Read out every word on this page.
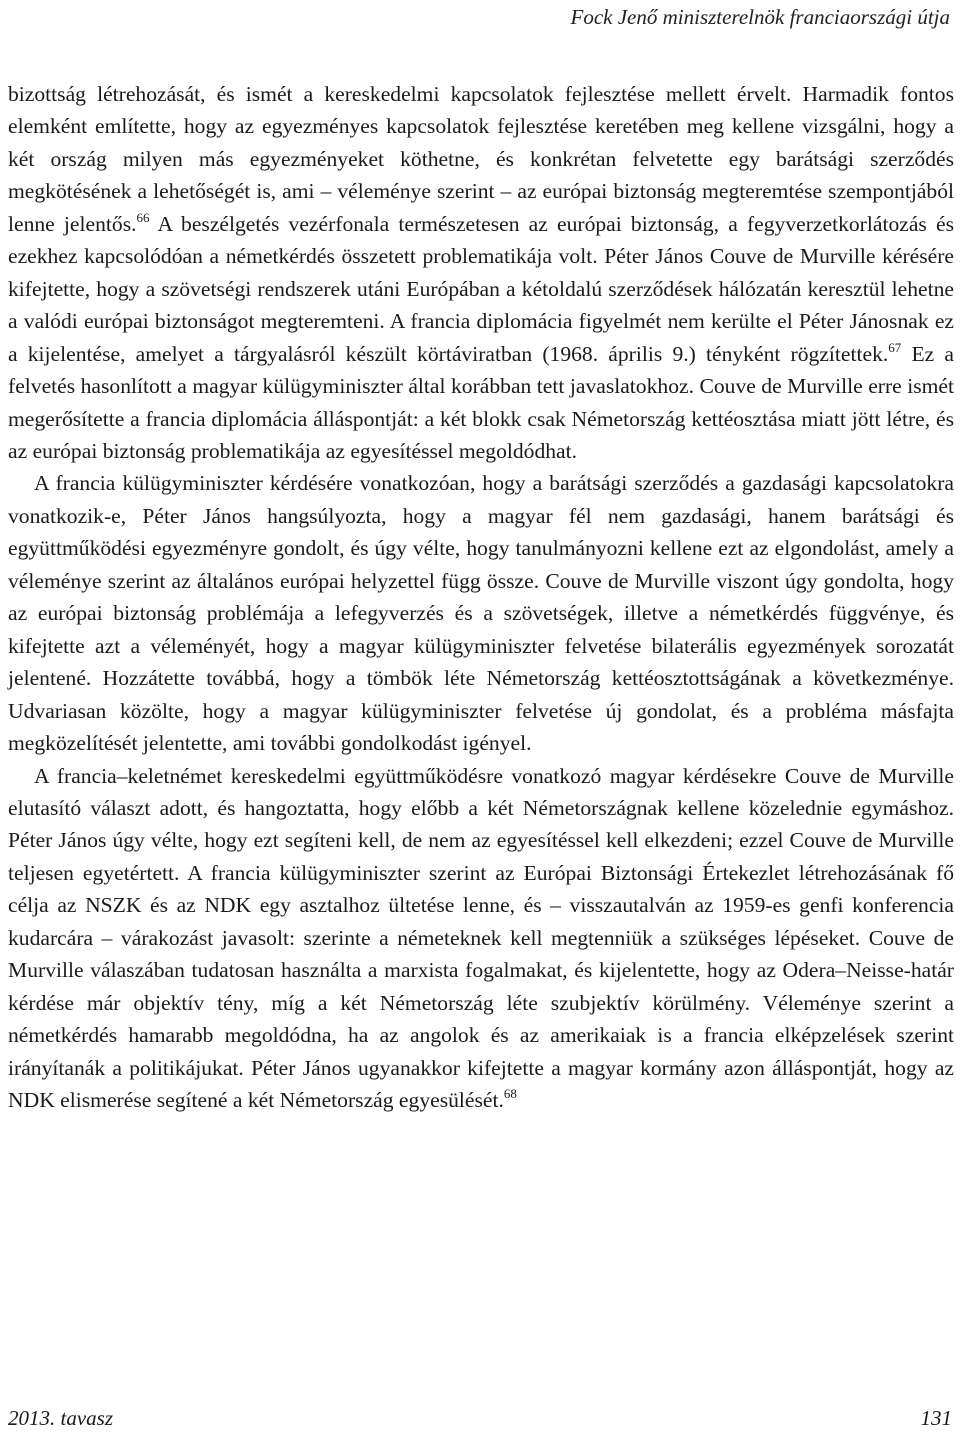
Fock Jenő miniszterelnök franciaországi útja

bizottság létrehozását, és ismét a kereskedelmi kapcsolatok fejlesztése mellett érvelt. Harmadik fontos elemként említette, hogy az egyezményes kapcsolatok fejlesztése keretében meg kellene vizsgálni, hogy a két ország milyen más egyezményeket köthetne, és konkrétan felvetette egy barátsági szerződés megkötésének a lehetőségét is, ami – véleménye szerint – az európai biztonság megteremtése szempontjából lenne jelentős.$^{66}$ A beszélgetés vezérfonala természetesen az európai biztonság, a fegyverzetkorlátozás és ezekhez kapcsolódóan a németkérdés összetett problematikája volt. Péter János Couve de Murville kérésére kifejtette, hogy a szövetségi rendszerek utáni Európában a kétoldalú szerződések hálózatán keresztül lehetne a valódi európai biztonságot megteremteni. A francia diplomácia figyelmét nem kerülte el Péter Jánosnak ez a kijelentése, amelyet a tárgyalásról készült körtáviratban (1968. április 9.) tényként rögzítettek.$^{67}$ Ez a felvetés hasonlított a magyar külügyminiszter által korábban tett javaslatokhoz. Couve de Murville erre ismét megerősítette a francia diplomácia álláspontját: a két blokk csak Németország kettéosztása miatt jött létre, és az európai biztonság problematikája az egyesítéssel megoldódhat.

A francia külügyminiszter kérdésére vonatkozóan, hogy a barátsági szerződés a gazdasági kapcsolatokra vonatkozik-e, Péter János hangsúlyozta, hogy a magyar fél nem gazdasági, hanem barátsági és együttműködési egyezményre gondolt, és úgy vélte, hogy tanulmányozni kellene ezt az elgondolást, amely a véleménye szerint az általános európai helyzettel függ össze. Couve de Murville viszont úgy gondolta, hogy az európai biztonság problémája a lefegyverzés és a szövetségek, illetve a németkérdés függvénye, és kifejtette azt a véleményét, hogy a magyar külügyminiszter felvetése bilaterális egyezmények sorozatát jelentené. Hozzátette továbbá, hogy a tömbök léte Németország kettéosztottságának a következménye. Udvariasan közölte, hogy a magyar külügyminiszter felvetése új gondolat, és a probléma másfajta megközelítését jelentette, ami további gondolkodást igényel.

A francia–keletnémet kereskedelmi együttműködésre vonatkozó magyar kérdésekre Couve de Murville elutasító választ adott, és hangoztatta, hogy előbb a két Németországnak kellene közelednie egymáshoz. Péter János úgy vélte, hogy ezt segíteni kell, de nem az egyesítéssel kell elkezdeni; ezzel Couve de Murville teljesen egyetértett. A francia külügyminiszter szerint az Európai Biztonsági Értekezlet létrehozásának fő célja az NSZK és az NDK egy asztalhoz ültetése lenne, és – visszautalván az 1959-es genfi konferencia kudarcára – várakozást javasolt: szerinte a németeknek kell megtenniük a szükséges lépéseket. Couve de Murville válaszában tudatosan használta a marxista fogalmakat, és kijelentette, hogy az Odera–Neisse-határ kérdése már objektív tény, míg a két Németország léte szubjektív körülmény. Véleménye szerint a németkérdés hamarabb megoldódna, ha az angolok és az amerikaiak is a francia elképzelések szerint irányítanák a politikájukat. Péter János ugyanakkor kifejtette a magyar kormány azon álláspontját, hogy az NDK elismerése segítené a két Németország egyesülését.$^{68}$

2013. tavasz	131
